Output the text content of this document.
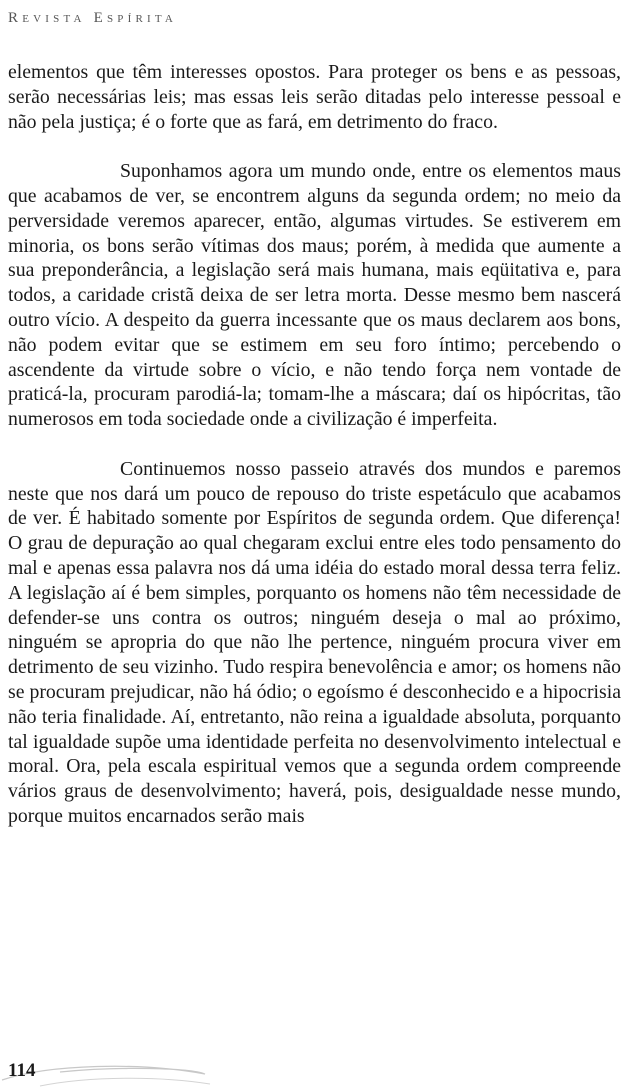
Revista Espírita

elementos que têm interesses opostos. Para proteger os bens e as pessoas, serão necessárias leis; mas essas leis serão ditadas pelo interesse pessoal e não pela justiça; é o forte que as fará, em detrimento do fraco.

Suponhamos agora um mundo onde, entre os elementos maus que acabamos de ver, se encontrem alguns da segunda ordem; no meio da perversidade veremos aparecer, então, algumas virtudes. Se estiverem em minoria, os bons serão vítimas dos maus; porém, à medida que aumente a sua preponderância, a legislação será mais humana, mais eqüitativa e, para todos, a caridade cristã deixa de ser letra morta. Desse mesmo bem nascerá outro vício. A despeito da guerra incessante que os maus declarem aos bons, não podem evitar que se estimem em seu foro íntimo; percebendo o ascendente da virtude sobre o vício, e não tendo força nem vontade de praticá-la, procuram parodiá-la; tomam-lhe a máscara; daí os hipócritas, tão numerosos em toda sociedade onde a civilização é imperfeita.

Continuemos nosso passeio através dos mundos e paremos neste que nos dará um pouco de repouso do triste espetáculo que acabamos de ver. É habitado somente por Espíritos de segunda ordem. Que diferença! O grau de depuração ao qual chegaram exclui entre eles todo pensamento do mal e apenas essa palavra nos dá uma idéia do estado moral dessa terra feliz. A legislação aí é bem simples, porquanto os homens não têm necessidade de defender-se uns contra os outros; ninguém deseja o mal ao próximo, ninguém se apropria do que não lhe pertence, ninguém procura viver em detrimento de seu vizinho. Tudo respira benevolência e amor; os homens não se procuram prejudicar, não há ódio; o egoísmo é desconhecido e a hipocrisia não teria finalidade. Aí, entretanto, não reina a igualdade absoluta, porquanto tal igualdade supõe uma identidade perfeita no desenvolvimento intelectual e moral. Ora, pela escala espiritual vemos que a segunda ordem compreende vários graus de desenvolvimento; haverá, pois, desigualdade nesse mundo, porque muitos encarnados serão mais

114
